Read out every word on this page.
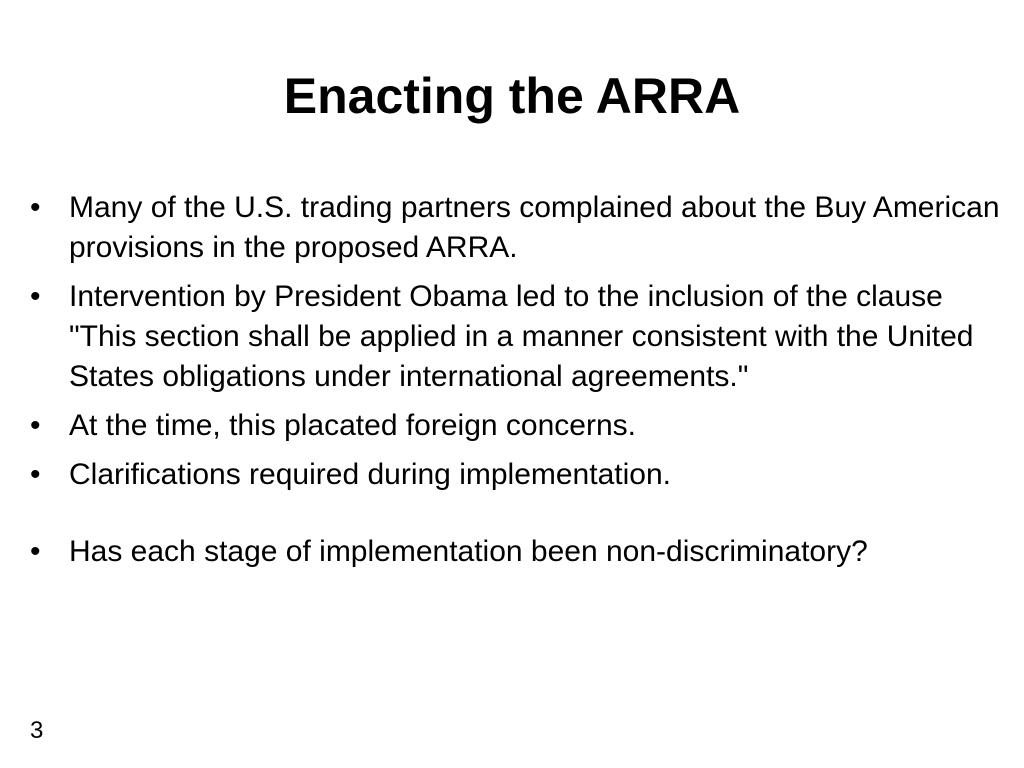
Enacting the ARRA
• Many of the U.S. trading partners complained about the Buy American provisions in the proposed ARRA.
• Intervention by President Obama led to the inclusion of the clause "This section shall be applied in a manner consistent with the United States obligations under international agreements."
• At the time, this placated foreign concerns.
• Clarifications required during implementation.
• Has each stage of implementation been non-discriminatory?
3
